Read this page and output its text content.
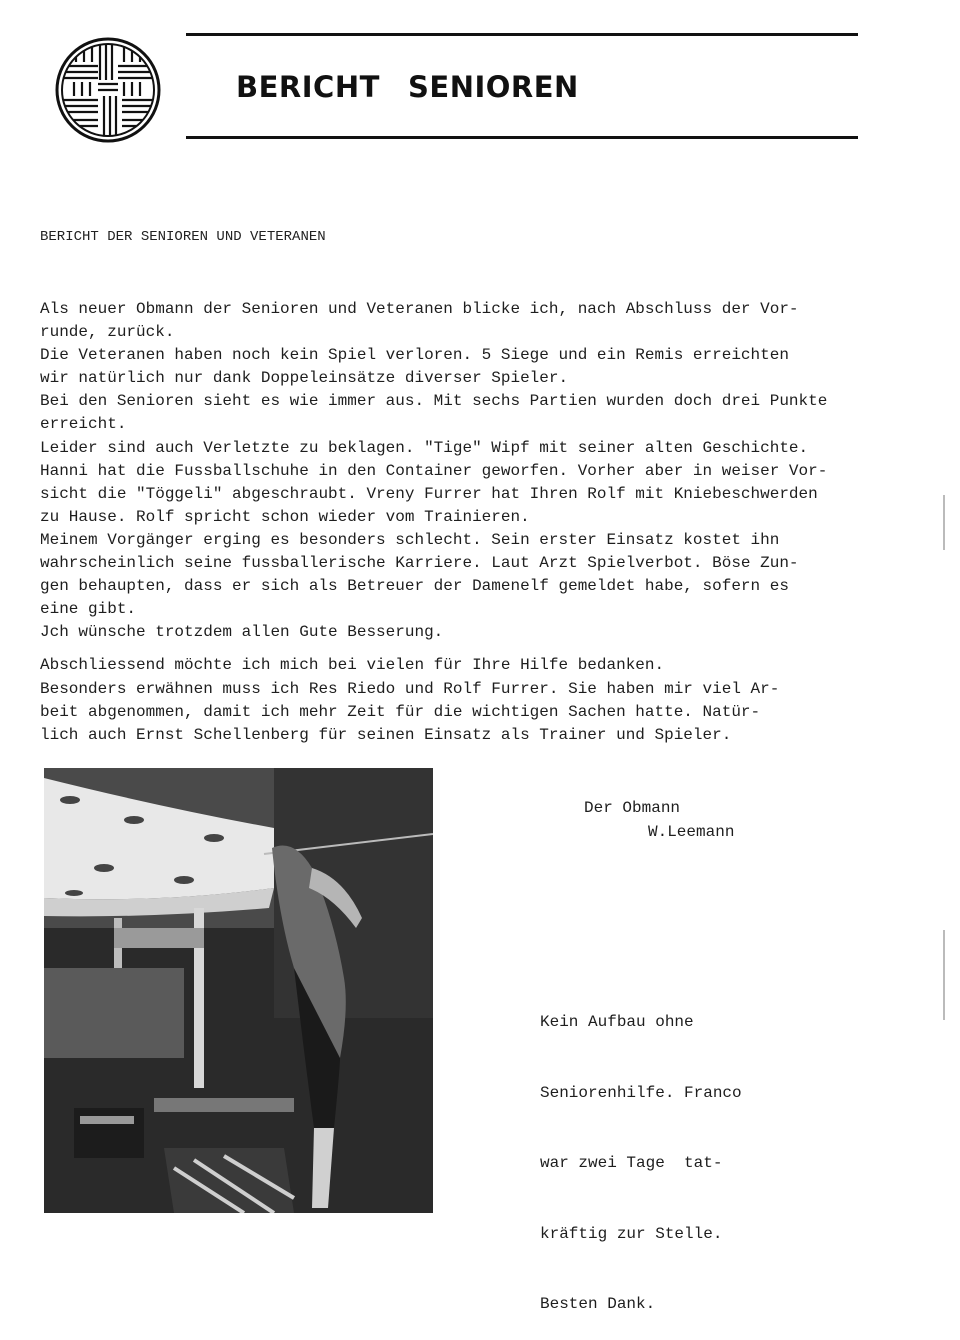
BERICHT SENIOREN
BERICHT DER SENIOREN UND VETERANEN
Als neuer Obmann der Senioren und Veteranen blicke ich, nach Abschluss der Vor-
runde, zurück.
Die Veteranen haben noch kein Spiel verloren. 5 Siege und ein Remis erreichten
wir natürlich nur dank Doppeleinsätze diverser Spieler.
Bei den Senioren sieht es wie immer aus. Mit sechs Partien wurden doch drei Punkte
erreicht.
Leider sind auch Verletzte zu beklagen. "Tige" Wipf mit seiner alten Geschichte.
Hanni hat die Fussballschuhe in den Container geworfen. Vorher aber in weiser Vor-
sicht die "Töggeli" abgeschraubt. Vreny Furrer hat Ihren Rolf mit Kniebeschwerden
zu Hause. Rolf spricht schon wieder vom Trainieren.
Meinem Vorgänger erging es besonders schlecht. Sein erster Einsatz kostet ihn
wahrscheinlich seine fussballerische Karriere. Laut Arzt Spielverbot. Böse Zun-
gen behaupten, dass er sich als Betreuer der Damenelf gemeldet habe, sofern es
eine gibt.
Jch wünsche trotzdem allen Gute Besserung.
Abschliessend möchte ich mich bei vielen für Ihre Hilfe bedanken.
Besonders erwähnen muss ich Res Riedo und Rolf Furrer. Sie haben mir viel Ar-
beit abgenommen, damit ich mehr Zeit für die wichtigen Sachen hatte. Natür-
lich auch Ernst Schellenberg für seinen Einsatz als Trainer und Spieler.
Der Obmann
W.Leemann

Kein Aufbau ohne

Seniorenhilfe. Franco

war zwei Tage  tat-

kräftig zur Stelle.

Besten Dank.
